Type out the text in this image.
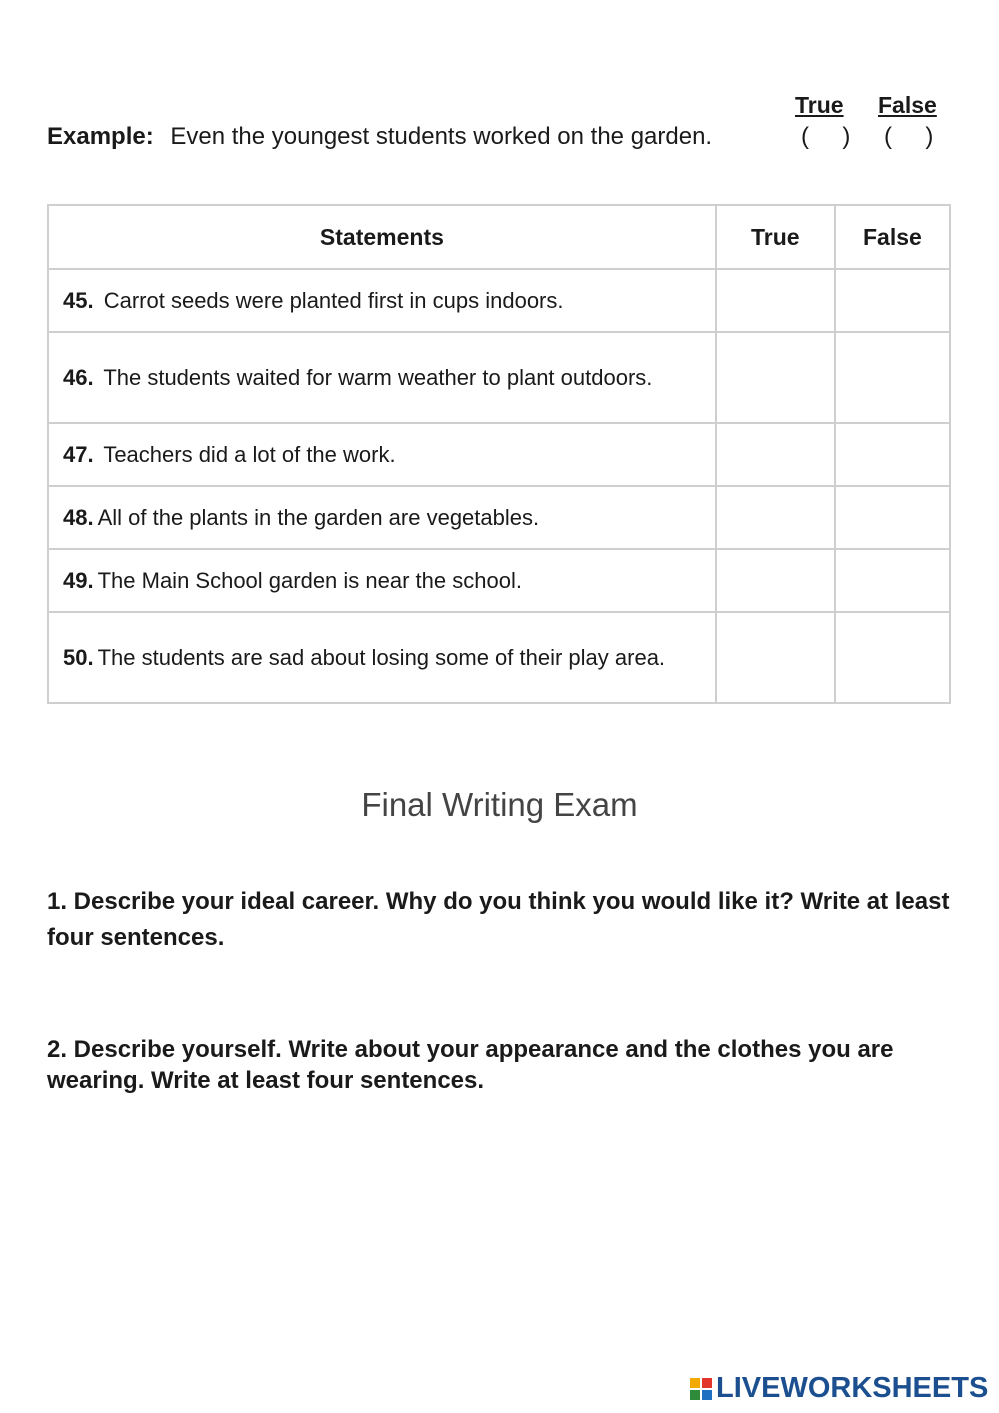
True False
Example: Even the youngest students worked on the garden.	(     ) (     )
Statements	True	False
45. Carrot seeds were planted first in cups indoors.		
46. The students waited for warm weather to plant outdoors.		
47. Teachers did a lot of the work.		
48. All of the plants in the garden are vegetables.		
49. The Main School garden is near the school.		
50. The students are sad about losing some of their play area.		
Final Writing Exam
1. Describe your ideal career. Why do you think you would like it? Write at least four sentences.
2. Describe yourself. Write about your appearance and the clothes you are wearing. Write at least four sentences.
LIVEWORKSHEETS
